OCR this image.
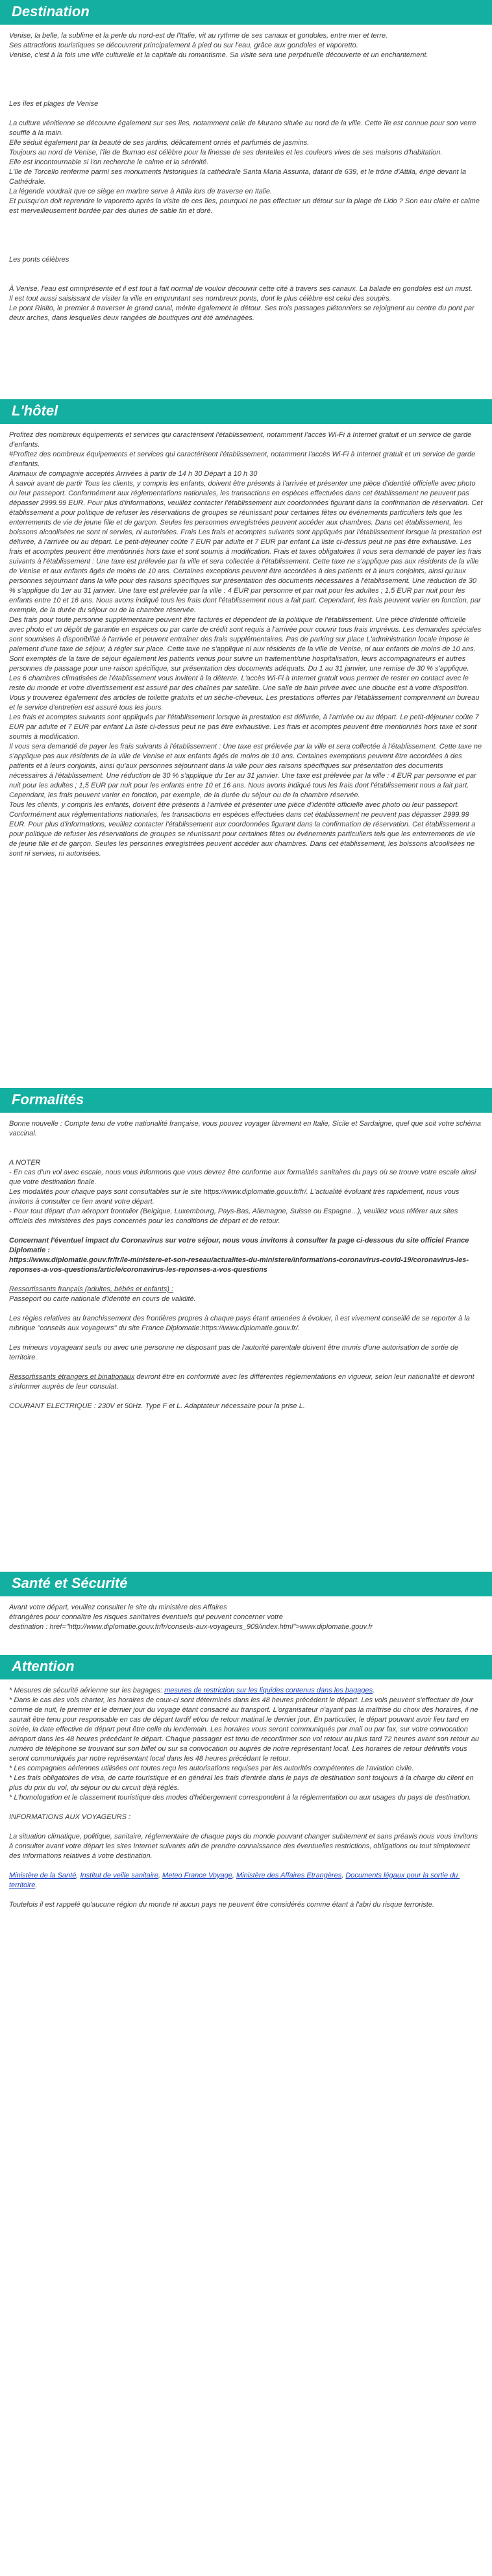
Destination

Venise, la belle, la sublime et la perle du nord-est de l'Italie, vit au rythme de ses canaux et gondoles, entre mer et terre.

Ses attractions touristiques se découvrent principalement à pied ou sur l'eau, grâce aux gondoles et vaporetto.

Venise, c'est à la fois une ville culturelle et la capitale du romantisme. Sa visite sera une perpétuelle découverte et un enchantement.

Les îles et plages de Venise

La culture vénitienne se découvre également sur ses îles, notamment celle de Murano située au nord de la ville. Cette île est connue pour son verre soufflé à la main.

Elle séduit également par la beauté de ses jardins, délicatement ornés et parfumés de jasmins.

Toujours au nord de Venise, l'île de Burnao est célèbre pour la finesse de ses dentelles et les couleurs vives de ses maisons d'habitation.

Elle est incontournable si l'on recherche le calme et la sérénité.

L'île de Torcello renferme parmi ses monuments historiques la cathédrale Santa Maria Assunta, datant de 639, et le trône d'Attila, érigé devant la Cathédrale.

La légende voudrait que ce siège en marbre serve à Attila lors de traverse en Italie.

Et puisqu'on doit reprendre le vaporetto après la visite de ces îles, pourquoi ne pas effectuer un détour sur la plage de Lido ? Son eau claire et calme est merveilleusement bordée par des dunes de sable fin et doré.

Les ponts célèbres

À Venise, l'eau est omniprésente et il est tout à fait normal de vouloir découvrir cette cité à travers ses canaux. La balade en gondoles est un must.

Il est tout aussi saisissant de visiter la ville en empruntant ses nombreux ponts, dont le plus célèbre est celui des soupirs.

Le pont Rialto, le premier à traverser le grand canal, mérite également le détour. Ses trois passages piétonniers se rejoignent au centre du pont par deux arches, dans lesquelles deux rangées de boutiques ont été aménagées.

L'hôtel

Profitez des nombreux équipements et services qui caractérisent l'établissement, notamment l'accès Wi-Fi à Internet gratuit et un service de garde d'enfants.
#Profitez des nombreux équipements et services qui caractérisent l'établissement, notamment l'accès Wi-Fi à Internet gratuit et un service de garde d'enfants.
Animaux de compagnie acceptés Arrivées à partir de 14 h 30 Départ à 10 h 30
À savoir avant de partir Tous les clients, y compris les enfants, doivent être présents à l'arrivée et présenter une pièce d'identité officielle avec photo ou leur passeport. Conformément aux réglementations nationales, les transactions en espèces effectuées dans cet établissement ne peuvent pas dépasser 2999.99 EUR. Pour plus d'informations, veuillez contacter l'établissement aux coordonnées figurant dans la confirmation de réservation. Cet établissement a pour politique de refuser les réservations de groupes se réunissant pour certaines fêtes ou événements particuliers tels que les enterrements de vie de jeune fille et de garçon. Seules les personnes enregistrées peuvent accéder aux chambres. Dans cet établissement, les boissons alcoolisées ne sont ni servies, ni autorisées. Frais Les frais et acomptes suivants sont appliqués par l'établissement lorsque la prestation est délivrée, à l'arrivée ou au départ. Le petit-déjeuner coûte 7 EUR par adulte et 7 EUR par enfant La liste ci-dessus peut ne pas être exhaustive. Les frais et acomptes peuvent être mentionnés hors taxe et sont soumis à modification. Frais et taxes obligatoires Il vous sera demandé de payer les frais suivants à l'établissement : Une taxe est prélevée par la ville et sera collectée à l'établissement. Cette taxe ne s'applique pas aux résidents de la ville de Venise et aux enfants âgés de moins de 10 ans. Certaines exceptions peuvent être accordées à des patients et à leurs conjoints, ainsi qu'aux personnes séjournant dans la ville pour des raisons spécifiques sur présentation des documents nécessaires à l'établissement. Une réduction de 30 % s'applique du 1er au 31 janvier. Une taxe est prélevée par la ville : 4 EUR par personne et par nuit pour les adultes ; 1,5 EUR par nuit pour les enfants entre 10 et 16 ans. Nous avons indiqué tous les frais dont l'établissement nous a fait part. Cependant, les frais peuvent varier en fonction, par exemple, de la durée du séjour ou de la chambre réservée.
Des frais pour toute personne supplémentaire peuvent être facturés et dépendent de la politique de l'établissement. Une pièce d'identité officielle avec photo et un dépôt de garantie en espèces ou par carte de crédit sont requis à l'arrivée pour couvrir tous frais imprévus. Les demandes spéciales sont soumises à disponibilité à l'arrivée et peuvent entraîner des frais supplémentaires. Pas de parking sur place L'administration locale impose le paiement d'une taxe de séjour, à régler sur place. Cette taxe ne s'applique ni aux résidents de la ville de Venise, ni aux enfants de moins de 10 ans. Sont exemptés de la taxe de séjour également les patients venus pour suivre un traitement/une hospitalisation, leurs accompagnateurs et autres personnes de passage pour une raison spécifique, sur présentation des documents adéquats. Du 1 au 31 janvier, une remise de 30 % s'applique.
Les 6 chambres climatisées de l'établissement vous invitent à la détente. L'accès Wi-Fi à Internet gratuit vous permet de rester en contact avec le reste du monde et votre divertissement est assuré par des chaînes par satellite. Une salle de bain privée avec une douche est à votre disposition. Vous y trouverez également des articles de toilette gratuits et un sèche-cheveux. Les prestations offertes par l'établissement comprennent un bureau et le service d'entretien est assuré tous les jours.
Les frais et acomptes suivants sont appliqués par l'établissement lorsque la prestation est délivrée, à l'arrivée ou au départ. Le petit-déjeuner coûte 7 EUR par adulte et 7 EUR par enfant La liste ci-dessus peut ne pas être exhaustive. Les frais et acomptes peuvent être mentionnés hors taxe et sont soumis à modification.
Il vous sera demandé de payer les frais suivants à l'établissement : Une taxe est prélevée par la ville et sera collectée à l'établissement. Cette taxe ne s'applique pas aux résidents de la ville de Venise et aux enfants âgés de moins de 10 ans. Certaines exemptions peuvent être accordées à des patients et à leurs conjoints, ainsi qu'aux personnes séjournant dans la ville pour des raisons spécifiques sur présentation des documents nécessaires à l'établissement. Une réduction de 30 % s'applique du 1er au 31 janvier. Une taxe est prélevée par la ville : 4 EUR par personne et par nuit pour les adultes ; 1,5 EUR par nuit pour les enfants entre 10 et 16 ans. Nous avons indiqué tous les frais dont l'établissement nous a fait part. Cependant, les frais peuvent varier en fonction, par exemple, de la durée du séjour ou de la chambre réservée.
Tous les clients, y compris les enfants, doivent être présents à l'arrivée et présenter une pièce d'identité officielle avec photo ou leur passeport. Conformément aux réglementations nationales, les transactions en espèces effectuées dans cet établissement ne peuvent pas dépasser 2999.99 EUR. Pour plus d'informations, veuillez contacter l'établissement aux coordonnées figurant dans la confirmation de réservation. Cet établissement a pour politique de refuser les réservations de groupes se réunissant pour certaines fêtes ou événements particuliers tels que les enterrements de vie de jeune fille et de garçon. Seules les personnes enregistrées peuvent accéder aux chambres. Dans cet établissement, les boissons alcoolisées ne sont ni servies, ni autorisées.

Formalités

Bonne nouvelle : Compte tenu de votre nationalité française, vous pouvez voyager librement en Italie, Sicile et Sardaigne, quel que soit votre schéma vaccinal.

A NOTER

- En cas d'un vol avec escale, nous vous informons que vous devrez être conforme aux formalités sanitaires du pays où se trouve votre escale ainsi que votre destination finale.

Les modalités pour chaque pays sont consultables sur le site https://www.diplomatie.gouv.fr/fr/. L'actualité évoluant très rapidement, nous vous invitons à consulter ce lien avant votre départ.

- Pour tout départ d'un aéroport frontalier (Belgique, Luxembourg, Pays-Bas, Allemagne, Suisse ou Espagne...), veuillez vous référer aux sites officiels des ministères des pays concernés pour les conditions de départ et de retour.

Concernant l'éventuel impact du Coronavirus sur votre séjour, nous vous invitons à consulter la page ci-dessous du site officiel France Diplomatie :
https://www.diplomatie.gouv.fr/fr/le-ministere-et-son-reseau/actualites-du-ministere/informations-coronavirus-covid-19/coronavirus-les-reponses-a-vos-questions/article/coronavirus-les-reponses-a-vos-questions

Ressortissants français (adultes, bébés et enfants) :

Passeport ou carte nationale d'identité en cours de validité.

Les règles relatives au franchissement des frontières propres à chaque pays étant amenées à évoluer, il est vivement conseillé de se reporter à la rubrique "conseils aux voyageurs" du site France Diplomatie:https://www.diplomatie.gouv.fr/.

Les mineurs voyageant seuls ou avec une personne ne disposant pas de l'autorité parentale doivent être munis d'une autorisation de sortie de territoire.

Ressortissants étrangers et binationaux devront être en conformité avec les différentes réglementations en vigueur, selon leur nationalité et devront s'informer auprès de leur consulat.

COURANT ELECTRIQUE : 230V et 50Hz. Type F et L. Adaptateur nécessaire pour la prise L.

Santé et Sécurité

Avant votre départ, veuillez consulter le site du ministère des Affaires
étrangères pour connaître les risques sanitaires éventuels qui peuvent concerner votre
destination : href="http://www.diplomatie.gouv.fr/fr/conseils-aux-voyageurs_909/index.html">www.diplomatie.gouv.fr

Attention

* Mesures de sécurité aérienne sur les bagages: mesures de restriction sur les liquides contenus dans les bagages.

* Dans le cas des vols charter, les horaires de coux-ci sont déterminés dans les 48 heures précédent le départ. Les vols peuvent s'effectuer de jour comme de nuit, le premier et le dernier jour du voyage étant consacré au transport. L'organisateur n'ayant pas la maîtrise du choix des horaires, il ne saurait être tenu pour responsable en cas de départ tardif et/ou de retour matinal le dernier jour. En particulier, le départ pouvant avoir lieu tard en soirée, la date effective de départ peut être celle du lendemain. Les horaires vous seront communiqués par mail ou par fax, sur votre convocation aéroport dans les 48 heures précédant le départ. Chaque passager est tenu de reconfirmer son vol retour au plus tard 72 heures avant son retour au numéro de téléphone se trouvant sur son billet ou sur sa convocation ou auprès de notre représentant local. Les horaires de retour définitifs vous seront communiqués par notre représentant local dans les 48 heures précédant le retour.

* Les compagnies aériennes utilisées ont toutes reçu les autorisations requises par les autorités compétentes de l'aviation civile.

* Les frais obligatoires de visa, de carte touristique et en général les frais d'entrée dans le pays de destination sont toujours à la charge du client en plus du prix du vol, du séjour ou du circuit déjà réglés.

* L'homologation et le classement touristique des modes d'hébergement correspondent à la réglementation ou aux usages du pays de destination.

INFORMATIONS AUX VOYAGEURS :

La situation climatique, politique, sanitaire, réglementaire de chaque pays du monde pouvant changer subitement et sans préavis nous vous invitons à consulter avant votre départ les sites Internet suivants afin de prendre connaissance des éventuelles restrictions, obligations ou tout simplement des informations relatives à votre destination.

Ministère de la Santé, Institut de veille sanitaire, Meteo France Voyage, Ministère des Affaires Etrangères, Documents légaux pour la sortie du territoire.

Toutefois il est rappelé qu'aucune région du monde ni aucun pays ne peuvent être considérés comme étant à l'abri du risque terroriste.
